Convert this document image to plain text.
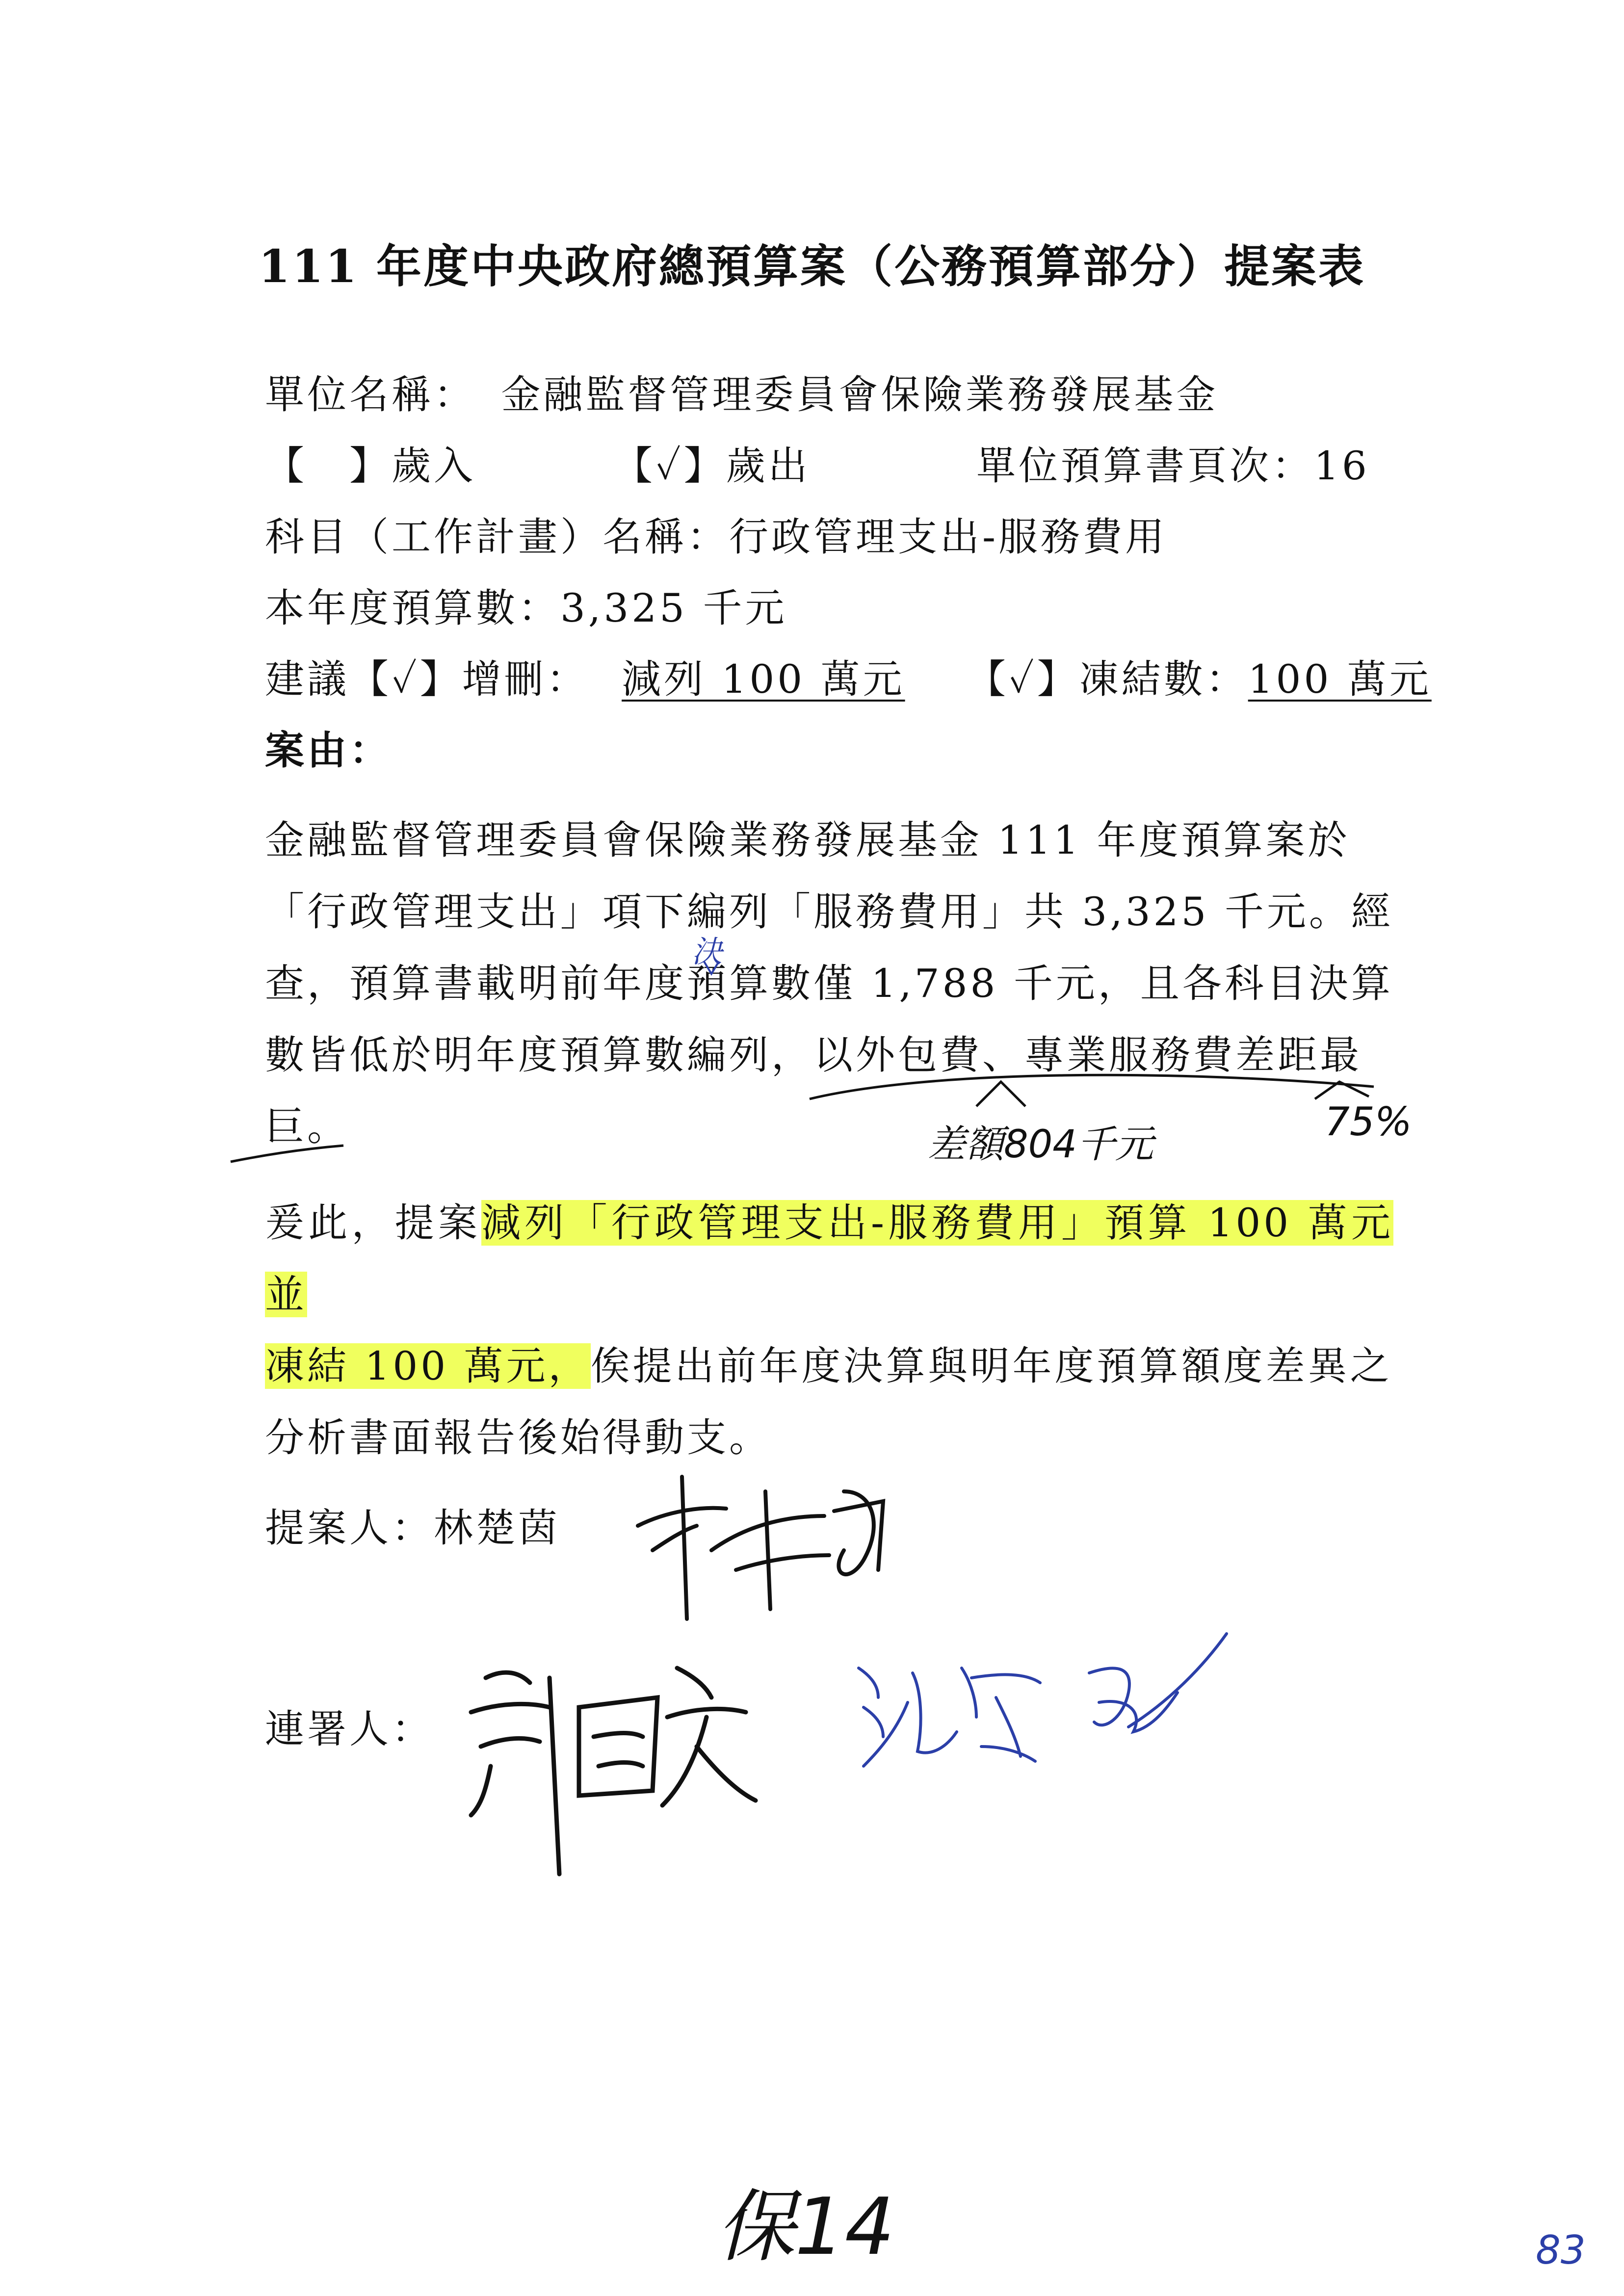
111 年度中央政府總預算案（公務預算部分）提案表
單位名稱： 金融監督管理委員會保險業務發展基金
【　】歲入	【✓】歲出	單位預算書頁次：16
科目（工作計畫）名稱：行政管理支出-服務費用
本年度預算數：3,325 千元
建議【✓】增刪： 減列 100 萬元 【✓】凍結數：100 萬元
案由：
金融監督管理委員會保險業務發展基金 111 年度預算案於
「行政管理支出」項下編列「服務費用」共 3,325 千元。經
查，預算書載明前年度預算數僅 1,788 千元，且各科目決算
數皆低於明年度預算數編列，以外包費、專業服務費差距最
巨。
爰此，提案減列「行政管理支出-服務費用」預算 100 萬元並
凍結 100 萬元，俟提出前年度決算與明年度預算額度差異之
分析書面報告後始得動支。
提案人：林楚茵
連署人：
決
差額804千元	75%
保14	83
